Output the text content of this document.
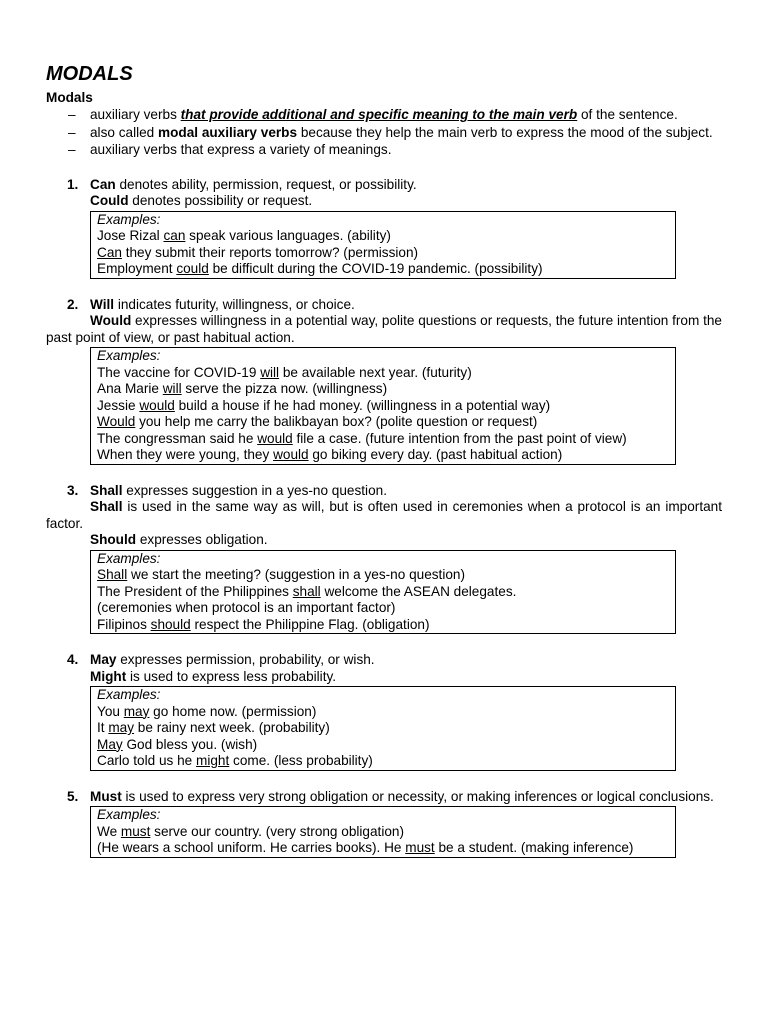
MODALS
Modals
– auxiliary verbs that provide additional and specific meaning to the main verb of the sentence.
– also called modal auxiliary verbs because they help the main verb to express the mood of the subject.
– auxiliary verbs that express a variety of meanings.
1. Can denotes ability, permission, request, or possibility.
Could denotes possibility or request.
Examples:
Jose Rizal can speak various languages. (ability)
Can they submit their reports tomorrow? (permission)
Employment could be difficult during the COVID-19 pandemic. (possibility)
2. Will indicates futurity, willingness, or choice.
Would expresses willingness in a potential way, polite questions or requests, the future intention from the past point of view, or past habitual action.
Examples:
The vaccine for COVID-19 will be available next year. (futurity)
Ana Marie will serve the pizza now. (willingness)
Jessie would build a house if he had money. (willingness in a potential way)
Would you help me carry the balikbayan box? (polite question or request)
The congressman said he would file a case. (future intention from the past point of view)
When they were young, they would go biking every day. (past habitual action)
3. Shall expresses suggestion in a yes-no question.
Shall is used in the same way as will, but is often used in ceremonies when a protocol is an important factor.
Should expresses obligation.
Examples:
Shall we start the meeting? (suggestion in a yes-no question)
The President of the Philippines shall welcome the ASEAN delegates.
(ceremonies when protocol is an important factor)
Filipinos should respect the Philippine Flag. (obligation)
4. May expresses permission, probability, or wish.
Might is used to express less probability.
Examples:
You may go home now. (permission)
It may be rainy next week. (probability)
May God bless you. (wish)
Carlo told us he might come. (less probability)
5. Must is used to express very strong obligation or necessity, or making inferences or logical conclusions.
Examples:
We must serve our country. (very strong obligation)
(He wears a school uniform. He carries books). He must be a student. (making inference)
